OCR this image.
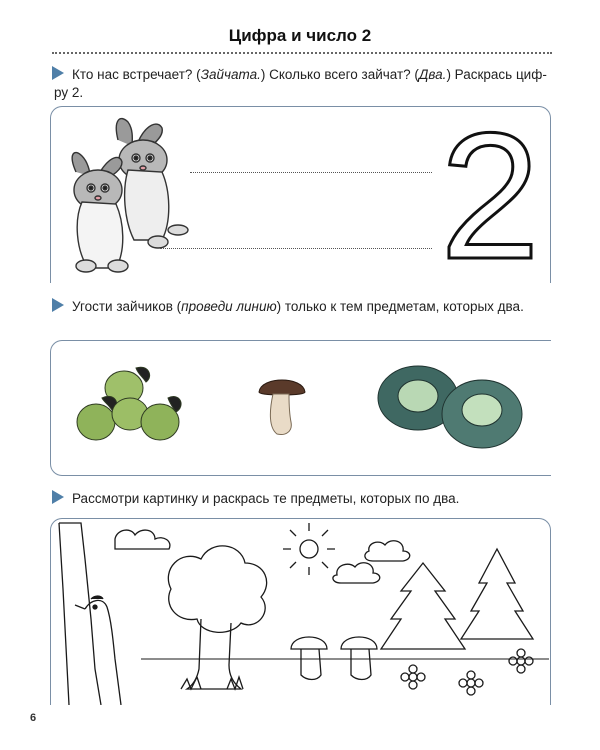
Цифра и число 2
Кто нас встречает? (Зайчата.) Сколько всего зайчат? (Два.) Раскрась циф-
ру 2.
2
Угости зайчиков (проведи линию) только к тем предметам, которых два.
Рассмотри картинку и раскрась те предметы, которых по два.
6
